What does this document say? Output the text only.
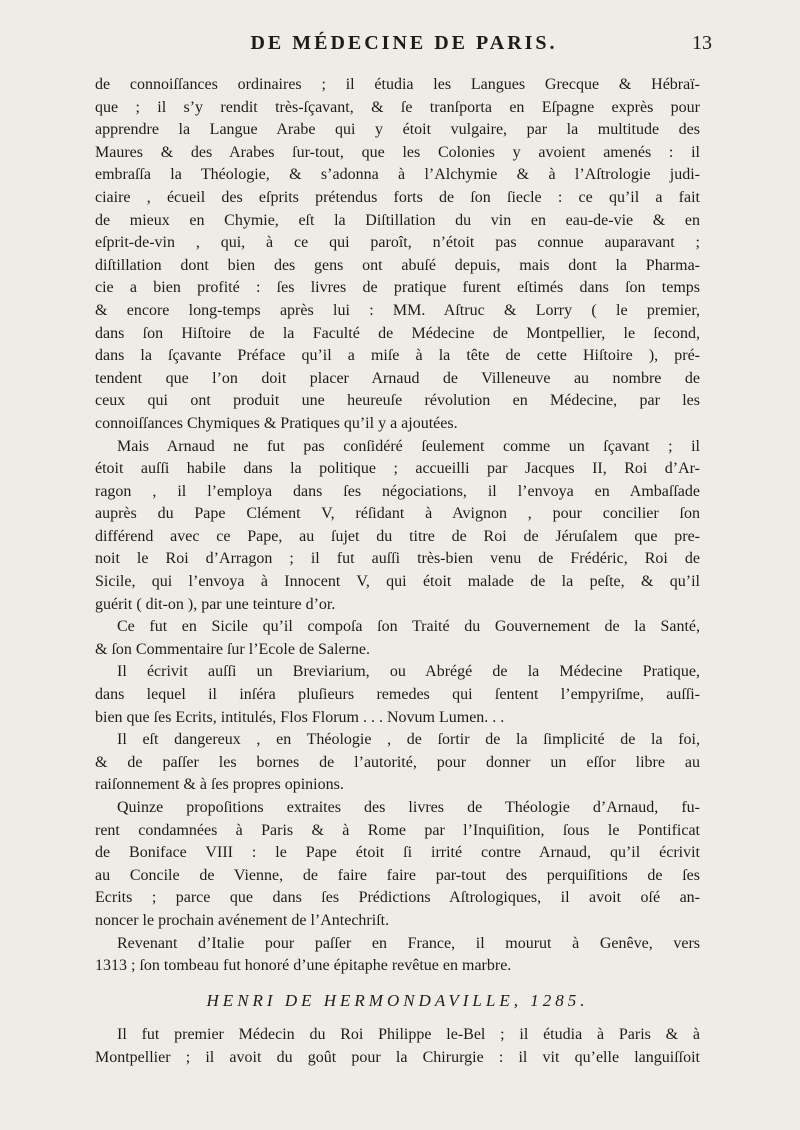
DE MÉDECINE DE PARIS.	13
de connoiſſances ordinaires ; il étudia les Langues Grecque & Hébraï-
que ; il s’y rendit très-ſçavant, & ſe tranſporta en Eſpagne exprès pour
apprendre la Langue Arabe qui y étoit vulgaire, par la multitude des
Maures & des Arabes ſur-tout, que les Colonies y avoient amenés : il
embraſſa la Théologie, & s’adonna à l’Alchymie & à l’Aſtrologie judi-
ciaire , écueil des eſprits prétendus forts de ſon ſiecle : ce qu’il a fait
de mieux en Chymie, eſt la Diſtillation du vin en eau-de-vie & en
eſprit-de-vin , qui, à ce qui paroît, n’étoit pas connue auparavant ;
diſtillation dont bien des gens ont abuſé depuis, mais dont la Pharma-
cie a bien profité : ſes livres de pratique furent eſtimés dans ſon temps
& encore long-temps après lui : MM. Aſtruc & Lorry ( le premier,
dans ſon Hiſtoire de la Faculté de Médecine de Montpellier, le ſecond,
dans la ſçavante Préface qu’il a miſe à la tête de cette Hiſtoire ), pré-
tendent que l’on doit placer Arnaud de Villeneuve au nombre de
ceux qui ont produit une heureuſe révolution en Médecine, par les
connoiſſances Chymiques & Pratiques qu’il y a ajoutées.
Mais Arnaud ne fut pas conſidéré ſeulement comme un ſçavant ; il
étoit auſſi habile dans la politique ; accueilli par Jacques II, Roi d’Ar-
ragon , il l’employa dans ſes négociations, il l’envoya en Ambaſſade
auprès du Pape Clément V, réſidant à Avignon , pour concilier ſon
différend avec ce Pape, au ſujet du titre de Roi de Jéruſalem que pre-
noit le Roi d’Arragon ; il fut auſſi très-bien venu de Frédéric, Roi de
Sicile, qui l’envoya à Innocent V, qui étoit malade de la peſte, & qu’il
guérit ( dit-on ), par une teinture d’or.
Ce fut en Sicile qu’il compoſa ſon Traité du Gouvernement de la Santé,
& ſon Commentaire ſur l’Ecole de Salerne.
Il écrivit auſſi un Breviarium, ou Abrégé de la Médecine Pratique,
dans lequel il inſéra pluſieurs remedes qui ſentent l’empyriſme, auſſi-
bien que ſes Ecrits, intitulés, Flos Florum . . . Novum Lumen. . .
Il eſt dangereux , en Théologie , de ſortir de la ſimplicité de la foi,
& de paſſer les bornes de l’autorité, pour donner un eſſor libre au
raiſonnement & à ſes propres opinions.
Quinze propoſitions extraites des livres de Théologie d’Arnaud, fu-
rent condamnées à Paris & à Rome par l’Inquiſition, ſous le Pontificat
de Boniface VIII : le Pape étoit ſi irrité contre Arnaud, qu’il écrivit
au Concile de Vienne, de faire faire par-tout des perquiſitions de ſes
Ecrits ; parce que dans ſes Prédictions Aſtrologiques, il avoit oſé an-
noncer le prochain avénement de l’Antechriſt.
Revenant d’Italie pour paſſer en France, il mourut à Genêve, vers
1313 ; ſon tombeau fut honoré d’une épitaphe revêtue en marbre.
HENRI DE HERMONDAVILLE, 1285.
Il fut premier Médecin du Roi Philippe le-Bel ; il étudia à Paris & à
Montpellier ; il avoit du goût pour la Chirurgie : il vit qu’elle languiſſoit
